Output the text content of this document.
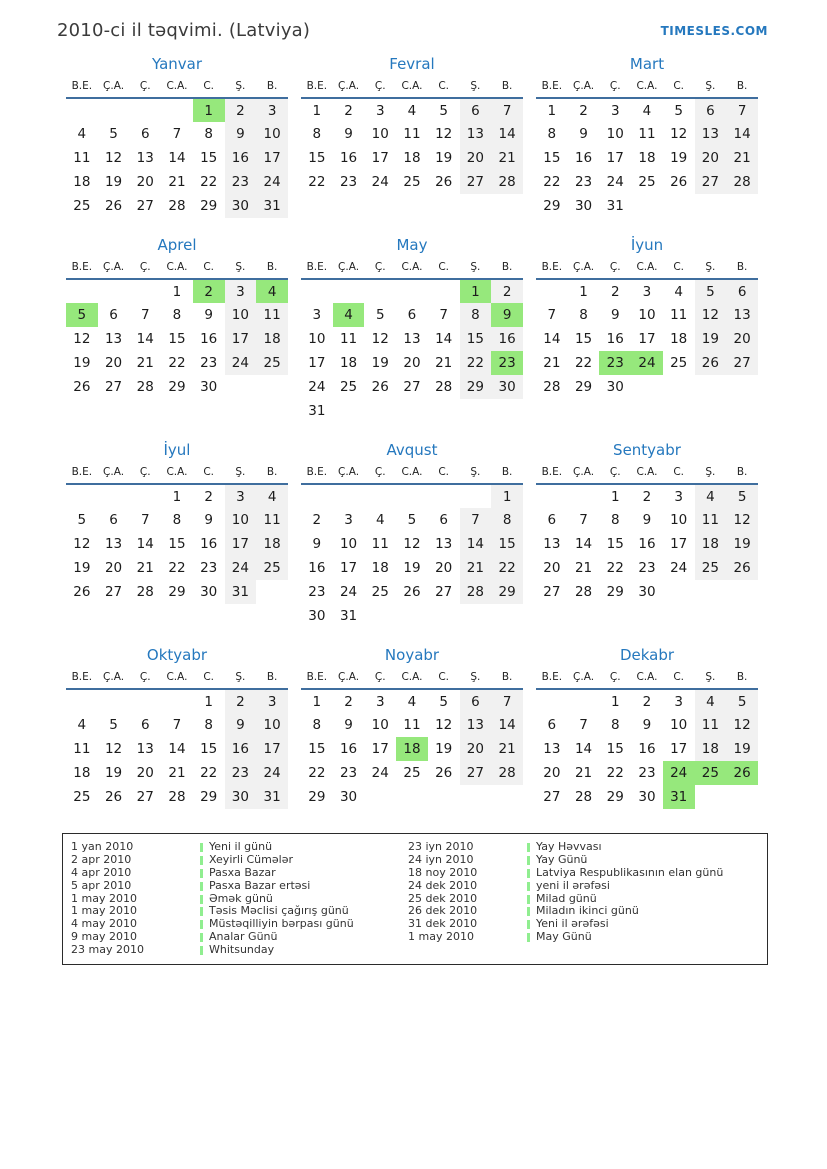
2010-ci il təqvimi. (Latviya)	TIMESLES.COM
Yanvar
B.E.	Ç.A.	Ç.	C.A.	C.	Ş.	B.
				1	2	3
4	5	6	7	8	9	10
11	12	13	14	15	16	17
18	19	20	21	22	23	24
25	26	27	28	29	30	31
Fevral
B.E.	Ç.A.	Ç.	C.A.	C.	Ş.	B.
1	2	3	4	5	6	7
8	9	10	11	12	13	14
15	16	17	18	19	20	21
22	23	24	25	26	27	28
Mart
B.E.	Ç.A.	Ç.	C.A.	C.	Ş.	B.
1	2	3	4	5	6	7
8	9	10	11	12	13	14
15	16	17	18	19	20	21
22	23	24	25	26	27	28
29	30	31				
Aprel
B.E.	Ç.A.	Ç.	C.A.	C.	Ş.	B.
			1	2	3	4
5	6	7	8	9	10	11
12	13	14	15	16	17	18
19	20	21	22	23	24	25
26	27	28	29	30		
May
B.E.	Ç.A.	Ç.	C.A.	C.	Ş.	B.
					1	2
3	4	5	6	7	8	9
10	11	12	13	14	15	16
17	18	19	20	21	22	23
24	25	26	27	28	29	30
31						
İyun
B.E.	Ç.A.	Ç.	C.A.	C.	Ş.	B.
	1	2	3	4	5	6
7	8	9	10	11	12	13
14	15	16	17	18	19	20
21	22	23	24	25	26	27
28	29	30				
İyul
B.E.	Ç.A.	Ç.	C.A.	C.	Ş.	B.
			1	2	3	4
5	6	7	8	9	10	11
12	13	14	15	16	17	18
19	20	21	22	23	24	25
26	27	28	29	30	31	
Avqust
B.E.	Ç.A.	Ç.	C.A.	C.	Ş.	B.
						1
2	3	4	5	6	7	8
9	10	11	12	13	14	15
16	17	18	19	20	21	22
23	24	25	26	27	28	29
30	31					
Sentyabr
B.E.	Ç.A.	Ç.	C.A.	C.	Ş.	B.
		1	2	3	4	5
6	7	8	9	10	11	12
13	14	15	16	17	18	19
20	21	22	23	24	25	26
27	28	29	30			
Oktyabr
B.E.	Ç.A.	Ç.	C.A.	C.	Ş.	B.
				1	2	3
4	5	6	7	8	9	10
11	12	13	14	15	16	17
18	19	20	21	22	23	24
25	26	27	28	29	30	31
Noyabr
B.E.	Ç.A.	Ç.	C.A.	C.	Ş.	B.
1	2	3	4	5	6	7
8	9	10	11	12	13	14
15	16	17	18	19	20	21
22	23	24	25	26	27	28
29	30					
Dekabr
B.E.	Ç.A.	Ç.	C.A.	C.	Ş.	B.
		1	2	3	4	5
6	7	8	9	10	11	12
13	14	15	16	17	18	19
20	21	22	23	24	25	26
27	28	29	30	31		
1 yan 2010	Yeni il günü
2 apr 2010	Xeyirli Cümələr
4 apr 2010	Pasxa Bazar
5 apr 2010	Pasxa Bazar ertəsi
1 may 2010	Əmək günü
1 may 2010	Təsis Məclisi çağırış günü
4 may 2010	Müstəqilliyin bərpası günü
9 may 2010	Analar Günü
23 may 2010	Whitsunday
23 iyn 2010	Yay Həvvası
24 iyn 2010	Yay Günü
18 noy 2010	Latviya Respublikasının elan günü
24 dek 2010	yeni il ərəfəsi
25 dek 2010	Milad günü
26 dek 2010	Miladın ikinci günü
31 dek 2010	Yeni il ərəfəsi
1 may 2010	May Günü
